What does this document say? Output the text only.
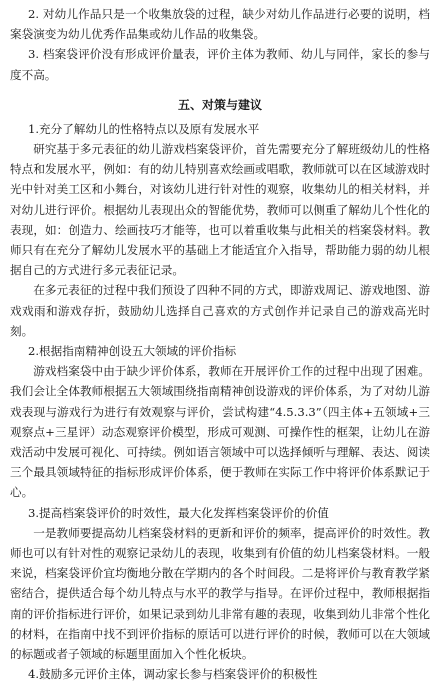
2. 对幼儿作品只是一个收集放袋的过程，缺少对幼儿作品进行必要的说明，档案袋演变为幼儿优秀作品集或幼儿作品的收集袋。

3. 档案袋评价没有形成评价量表，评价主体为教师、幼儿与同伴，家长的参与度不高。

五、对策与建议

1.充分了解幼儿的性格特点以及原有发展水平

研究基于多元表征的幼儿游戏档案袋评价，首先需要充分了解班级幼儿的性格特点和发展水平，例如：有的幼儿特别喜欢绘画或唱歌，教师就可以在区域游戏时光中针对美工区和小舞台，对该幼儿进行针对性的观察，收集幼儿的相关材料，并对幼儿进行评价。根据幼儿表现出众的智能优势，教师可以侧重了解幼儿个性化的表现，如：创造力、绘画技巧才能等，也可以着重收集与此相关的档案袋材料。教师只有在充分了解幼儿发展水平的基础上才能适宜介入指导，帮助能力弱的幼儿根据自己的方式进行多元表征记录。

在多元表征的过程中我们预设了四种不同的方式，即游戏周记、游戏地图、游戏戏雨和游戏存折，鼓励幼儿选择自己喜欢的方式创作并记录自己的游戏高光时刻。

2.根据指南精神创设五大领域的评价指标

游戏档案袋中由于缺少评价体系，教师在开展评价工作的过程中出现了困难。我们会让全体教师根据五大领域围绕指南精神创设游戏的评价体系，为了对幼儿游戏表现与游戏行为进行有效观察与评价，尝试构建“4.5.3.3”（四主体+五领域+三观察点+三星评）动态观察评价模型，形成可观测、可操作性的框架，让幼儿在游戏活动中发展可视化、可持续。例如语言领域中可以选择倾听与理解、表达、阅读三个最具领域特征的指标形成评价体系，便于教师在实际工作中将评价体系默记于心。

3.提高档案袋评价的时效性，最大化发挥档案袋评价的价值

一是教师要提高幼儿档案袋材料的更新和评价的频率，提高评价的时效性。教师也可以有针对性的观察记录幼儿的表现，收集到有价值的幼儿档案袋材料。一般来说，档案袋评价宜均衡地分散在学期内的各个时间段。二是将评价与教育教学紧密结合，提供适合每个幼儿特点与水平的教学与指导。在评价过程中，教师根据指南的评价指标进行评价，如果记录到幼儿非常有趣的表现，收集到幼儿非常个性化的材料，在指南中找不到评价指标的原话可以进行评价的时候，教师可以在大领域的标题或者子领域的标题里面加入个性化板块。

4.鼓励多元评价主体，调动家长参与档案袋评价的积极性
